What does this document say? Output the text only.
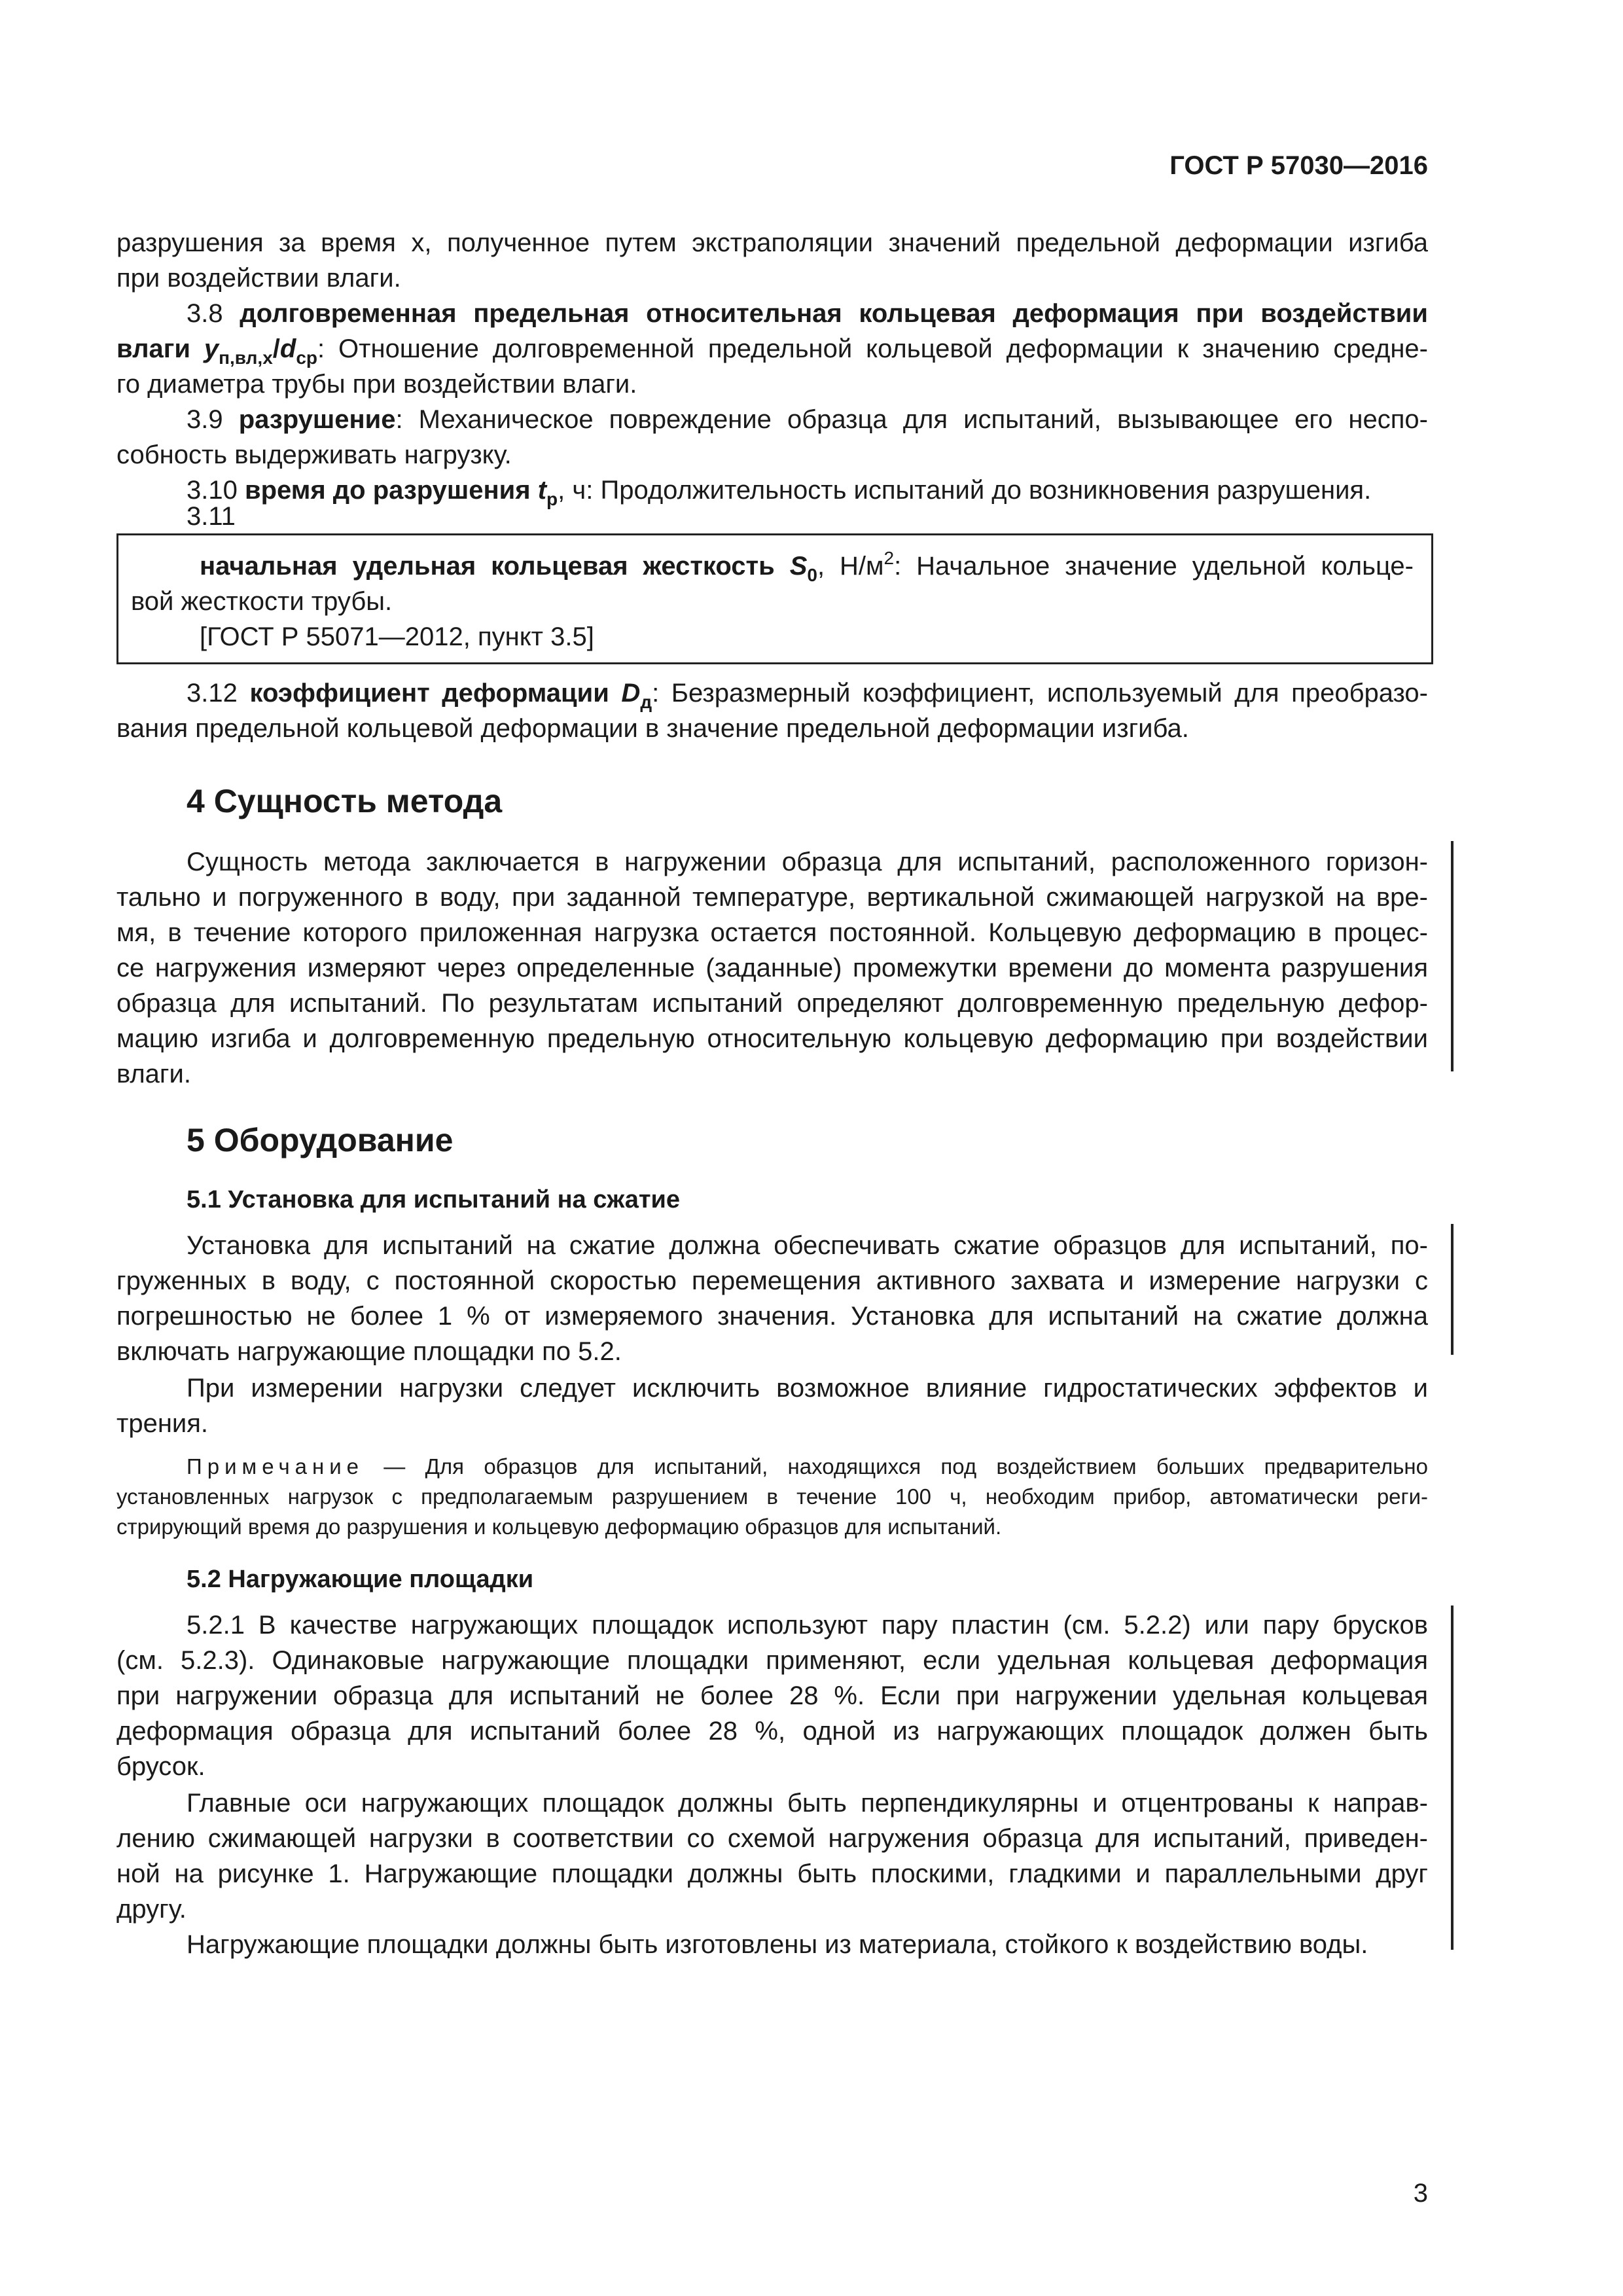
ГОСТ Р 57030—2016
разрушения за время x, полученное путем экстраполяции значений предельной деформации изгиба
при воздействии влаги.
3.8 долговременная предельная относительная кольцевая деформация при воздействии
влаги $y_{п,вл,x}/d_{ср}$: Отношение долговременной предельной кольцевой деформации к значению средне-
го диаметра трубы при воздействии влаги.
3.9 разрушение: Механическое повреждение образца для испытаний, вызывающее его неспо-
собность выдерживать нагрузку.
3.10 время до разрушения $t_р$, ч: Продолжительность испытаний до возникновения разрушения.
3.11
начальная удельная кольцевая жесткость $S_0$, $Н/м^2$: Начальное значение удельной кольце-
вой жесткости трубы.
[ГОСТ Р 55071—2012, пункт 3.5]
3.12 коэффициент деформации $D_д$: Безразмерный коэффициент, используемый для преобразо-
вания предельной кольцевой деформации в значение предельной деформации изгиба.
4 Сущность метода
Сущность метода заключается в нагружении образца для испытаний, расположенного горизон-
тально и погруженного в воду, при заданной температуре, вертикальной сжимающей нагрузкой на вре-
мя, в течение которого приложенная нагрузка остается постоянной. Кольцевую деформацию в процес-
се нагружения измеряют через определенные (заданные) промежутки времени до момента разрушения
образца для испытаний. По результатам испытаний определяют долговременную предельную дефор-
мацию изгиба и долговременную предельную относительную кольцевую деформацию при воздействии
влаги.
5 Оборудование
5.1 Установка для испытаний на сжатие
Установка для испытаний на сжатие должна обеспечивать сжатие образцов для испытаний, по-
груженных в воду, с постоянной скоростью перемещения активного захвата и измерение нагрузки с
погрешностью не более 1 % от измеряемого значения. Установка для испытаний на сжатие должна
включать нагружающие площадки по 5.2.
При измерении нагрузки следует исключить возможное влияние гидростатических эффектов и
трения.
Примечание — Для образцов для испытаний, находящихся под воздействием больших предварительно
установленных нагрузок с предполагаемым разрушением в течение 100 ч, необходим прибор, автоматически реги-
стрирующий время до разрушения и кольцевую деформацию образцов для испытаний.
5.2 Нагружающие площадки
5.2.1 В качестве нагружающих площадок используют пару пластин (см. 5.2.2) или пару брусков
(см. 5.2.3). Одинаковые нагружающие площадки применяют, если удельная кольцевая деформация
при нагружении образца для испытаний не более 28 %. Если при нагружении удельная кольцевая
деформация образца для испытаний более 28 %, одной из нагружающих площадок должен быть
брусок.
Главные оси нагружающих площадок должны быть перпендикулярны и отцентрованы к направ-
лению сжимающей нагрузки в соответствии со схемой нагружения образца для испытаний, приведен-
ной на рисунке 1. Нагружающие площадки должны быть плоскими, гладкими и параллельными друг
другу.
Нагружающие площадки должны быть изготовлены из материала, стойкого к воздействию воды.
3
